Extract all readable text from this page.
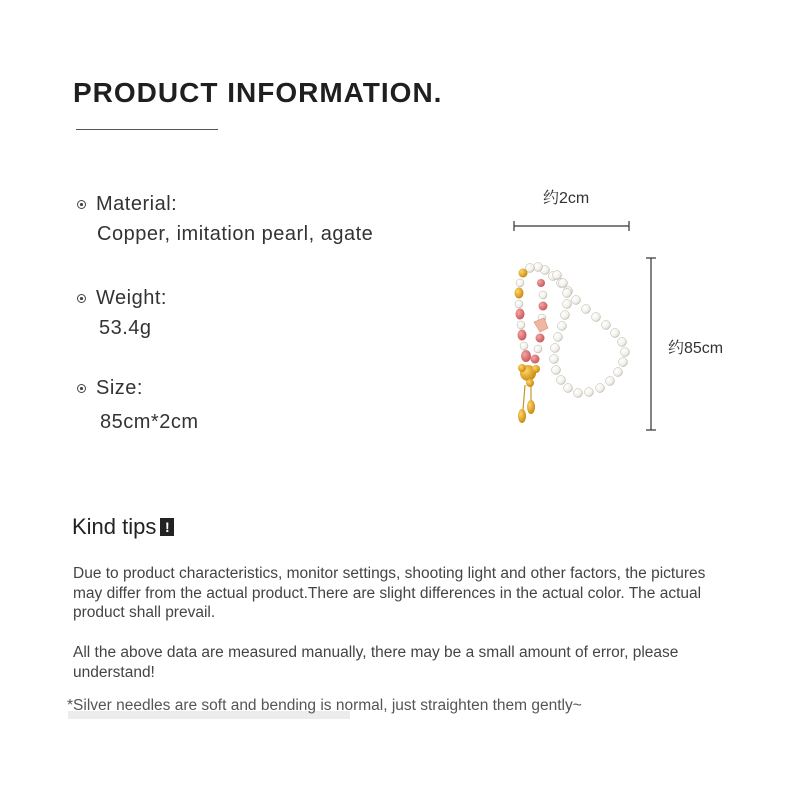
PRODUCT INFORMATION.
Material:
Copper, imitation pearl, agate
Weight:
53.4g
Size:
85cm*2cm
约2cm
约85cm
Kind tips !
Due to product characteristics, monitor settings, shooting light and other factors, the pictures may differ from the actual product.There are slight differences in the actual color. The actual product shall prevail.
All the above data are measured manually, there may be a small amount of error, please understand!
*Silver needles are soft and bending is normal, just straighten them gently~
